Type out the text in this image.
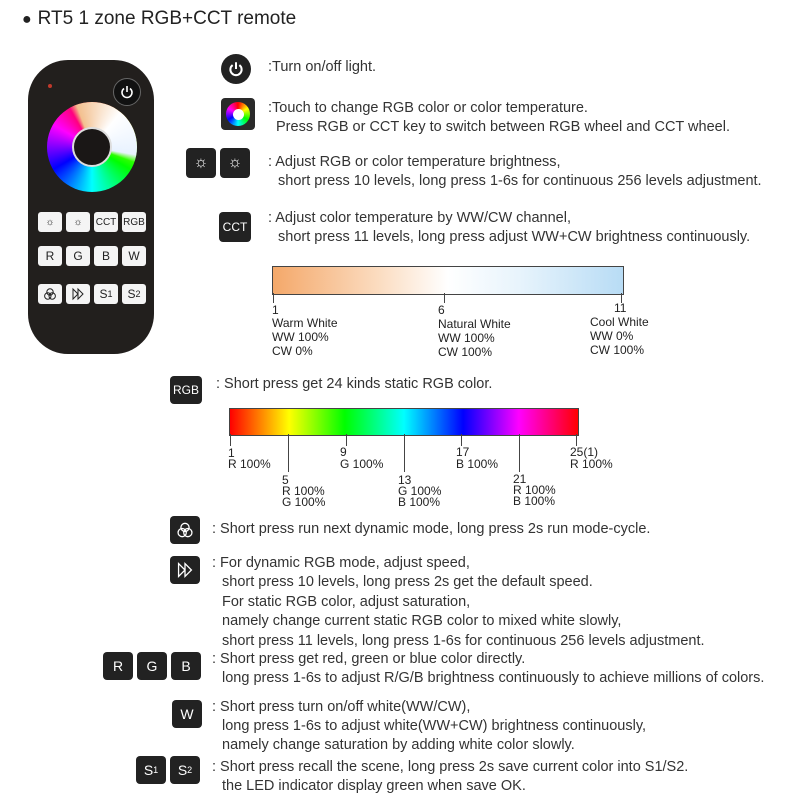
● RT5 1 zone RGB+CCT remote
☼	☼	CCT RGB
R	G	B	W
S 1 S 2
:Turn on/off light.
:Touch to change RGB color or color temperature.
Press RGB or CCT key to switch between RGB wheel and CCT wheel.
☼	☼	: Adjust RGB or color temperature brightness,
short press 10 levels, long press 1-6s for continuous 256 levels adjustment.
CCT
: Adjust color temperature by WW/CW channel,
short press 11 levels, long press adjust WW+CW brightness continuously.
1
Warm White
WW 100%
CW 0%
6
Natural White
WW 100%
CW 100%
11
Cool White
WW 0%
CW 100%
RGB : Short press get 24 kinds static RGB color.
1
R 100%
9
G 100%
17
B 100%
25(1)
R 100%
5
R 100%
G 100%
13
G 100%
B 100%
21
R 100%
B 100%
: Short press run next dynamic mode, long press 2s run mode-cycle.
: For dynamic RGB mode, adjust speed,
short press 10 levels, long press 2s get the default speed.
For static RGB color, adjust saturation,
namely change current static RGB color to mixed white slowly,
short press 11 levels, long press 1-6s for continuous 256 levels adjustment.
R	G	B	: Short press get red, green or blue color directly.
long press 1-6s to adjust R/G/B brightness continuously to achieve millions of colors.
W	: Short press turn on/off white(WW/CW),
long press 1-6s to adjust white(WW+CW) brightness continuously,
namely change saturation by adding white color slowly.
S 1 S 2 : Short press recall the scene, long press 2s save current color into S1/S2.
the LED indicator display green when save OK.
